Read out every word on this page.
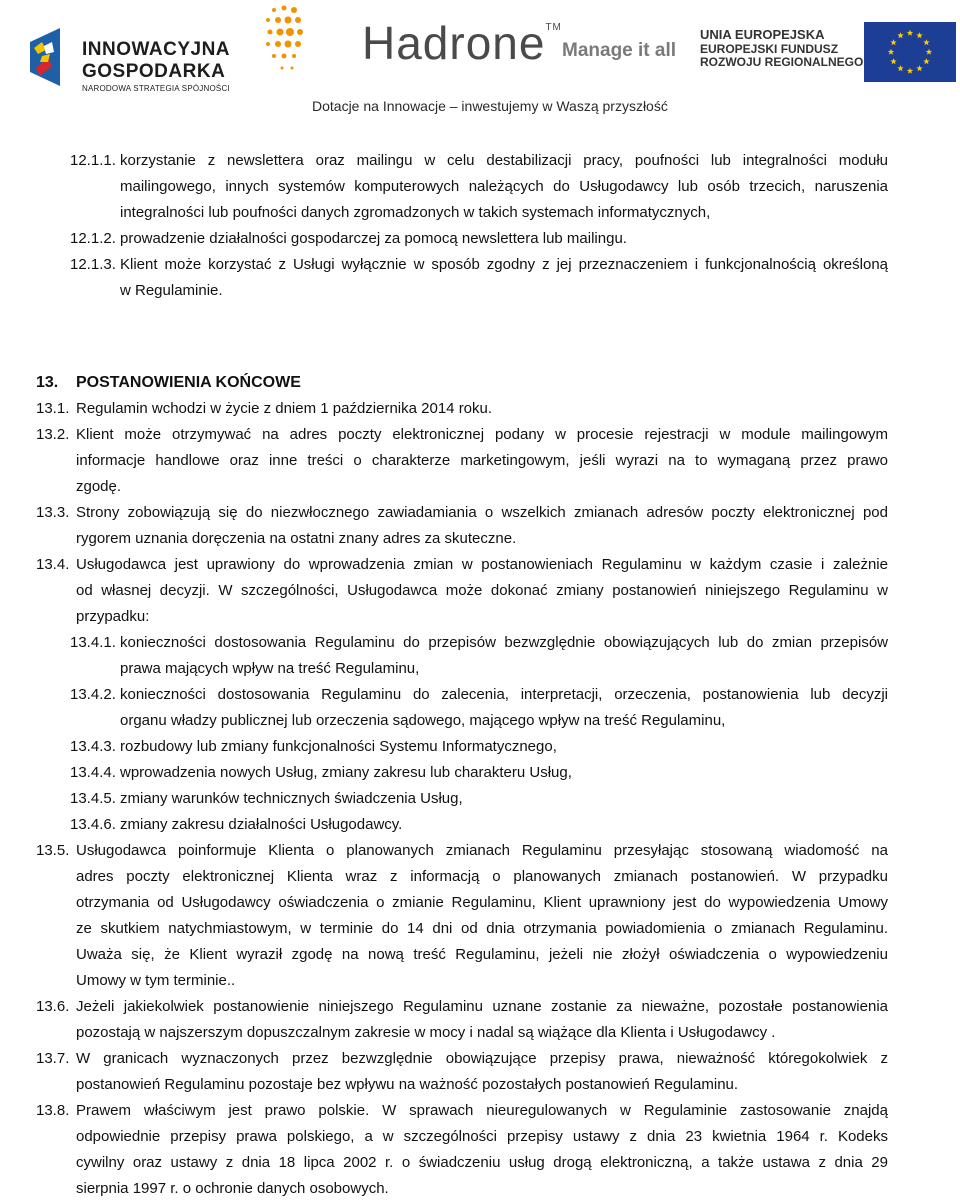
INNOWACYJNA
GOSPODARKA
NARODOWA STRATEGIA SPÓJNOŚCI
Hadrone™
Manage it all
UNIA EUROPEJSKA
EUROPEJSKI FUNDUSZ
ROZWOJU REGIONALNEGO
Dotacje na Innowacje – inwestujemy w Waszą przyszłość
12.1.1. korzystanie z newslettera oraz mailingu w celu destabilizacji pracy, poufności lub integralności modułu
mailingowego, innych systemów komputerowych należących do Usługodawcy lub osób trzecich, naruszenia
integralności lub poufności danych zgromadzonych w takich systemach informatycznych,
12.1.2. prowadzenie działalności gospodarczej za pomocą newslettera lub mailingu.
12.1.3. Klient może korzystać z Usługi wyłącznie w sposób zgodny z jej przeznaczeniem i funkcjonalnością określoną
w Regulaminie.
13. POSTANOWIENIA KOŃCOWE
13.1. Regulamin wchodzi w życie z dniem 1 października 2014 roku.
13.2. Klient może otrzymywać na adres poczty elektronicznej podany w procesie rejestracji w module mailingowym
informacje handlowe oraz inne treści o charakterze marketingowym, jeśli wyrazi na to wymaganą przez prawo
zgodę.
13.3. Strony zobowiązują się do niezwłocznego zawiadamiania o wszelkich zmianach adresów poczty elektronicznej pod
rygorem uznania doręczenia na ostatni znany adres za skuteczne.
13.4. Usługodawca jest uprawiony do wprowadzenia zmian w postanowieniach Regulaminu w każdym czasie i zależnie
od własnej decyzji. W szczególności, Usługodawca może dokonać zmiany postanowień niniejszego Regulaminu w
przypadku:
13.4.1. konieczności dostosowania Regulaminu do przepisów bezwzględnie obowiązujących lub do zmian przepisów
prawa mających wpływ na treść Regulaminu,
13.4.2. konieczności dostosowania Regulaminu do zalecenia, interpretacji, orzeczenia, postanowienia lub decyzji
organu władzy publicznej lub orzeczenia sądowego, mającego wpływ na treść Regulaminu,
13.4.3. rozbudowy lub zmiany funkcjonalności Systemu Informatycznego,
13.4.4. wprowadzenia nowych Usług, zmiany zakresu lub charakteru Usług,
13.4.5. zmiany warunków technicznych świadczenia Usług,
13.4.6. zmiany zakresu działalności Usługodawcy.
13.5. Usługodawca poinformuje Klienta o planowanych zmianach Regulaminu przesyłając stosowaną wiadomość na
adres poczty elektronicznej Klienta wraz z informacją o planowanych zmianach postanowień. W przypadku
otrzymania od Usługodawcy oświadczenia o zmianie Regulaminu, Klient uprawniony jest do wypowiedzenia Umowy
ze skutkiem natychmiastowym, w terminie do 14 dni od dnia otrzymania powiadomienia o zmianach Regulaminu.
Uważa się, że Klient wyraził zgodę na nową treść Regulaminu, jeżeli nie złożył oświadczenia o wypowiedzeniu
Umowy w tym terminie..
13.6. Jeżeli jakiekolwiek postanowienie niniejszego Regulaminu uznane zostanie za nieważne, pozostałe postanowienia
pozostają w najszerszym dopuszczalnym zakresie w mocy i nadal są wiążące dla Klienta i Usługodawcy .
13.7. W granicach wyznaczonych przez bezwzględnie obowiązujące przepisy prawa, nieważność któregokolwiek z
postanowień Regulaminu pozostaje bez wpływu na ważność pozostałych postanowień Regulaminu.
13.8. Prawem właściwym jest prawo polskie. W sprawach nieuregulowanych w Regulaminie zastosowanie znajdą
odpowiednie przepisy prawa polskiego, a w szczególności przepisy ustawy z dnia 23 kwietnia 1964 r. Kodeks
cywilny oraz ustawy z dnia 18 lipca 2002 r. o świadczeniu usług drogą elektroniczną, a także ustawa z dnia 29
sierpnia 1997 r. o ochronie danych osobowych.
